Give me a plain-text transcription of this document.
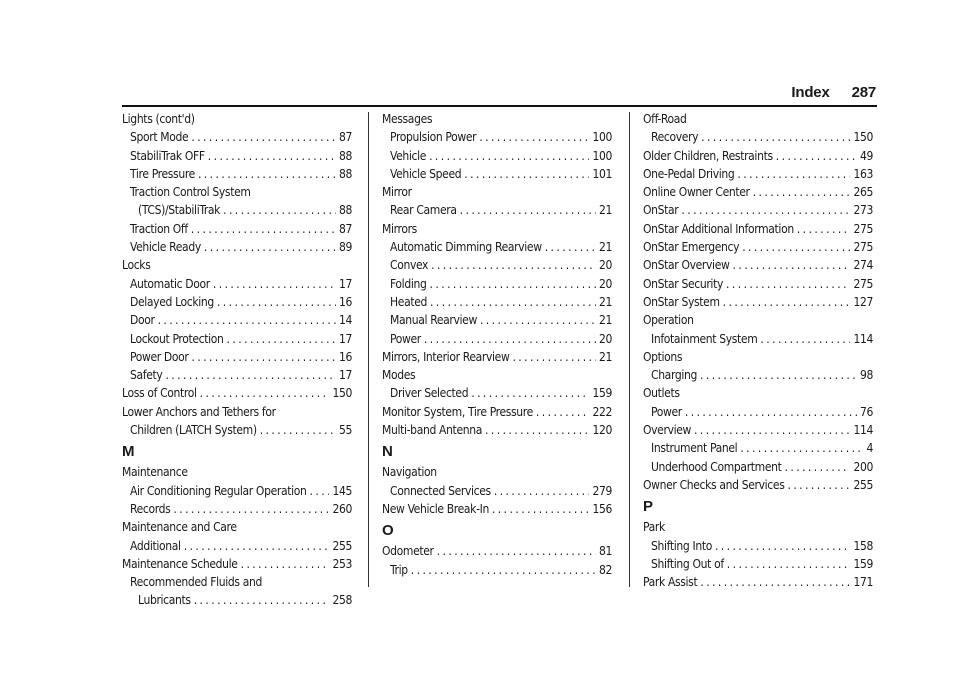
Index 287
Lights (cont'd)
Sport Mode . . .	87
StabiliTrak OFF . . .	88
Tire Pressure . . .	88
Traction Control System
(TCS)/StabiliTrak . . .	88
Traction Off . . .	87
Vehicle Ready . . .	89
Locks
Automatic Door . . .	17
Delayed Locking . . .	16
Door . . .	14
Lockout Protection . . .	17
Power Door . . .	16
Safety . . .	17
Loss of Control . . .	150
Lower Anchors and Tethers for
Children (LATCH System) . . .	55
M
Maintenance
Air Conditioning Regular Operation . . . 145
Records . . .	260
Maintenance and Care
Additional . . .	255
Maintenance Schedule . . .	253
Recommended Fluids and
Lubricants . . .	258
Messages
Propulsion Power . . .	100
Vehicle . . .	100
Vehicle Speed . . .	101
Mirror
Rear Camera . . .	21
Mirrors
Automatic Dimming Rearview . . .	21
Convex . . .	20
Folding . . .	20
Heated . . .	21
Manual Rearview . . .	21
Power . . .	20
Mirrors, Interior Rearview . . .	21
Modes
Driver Selected . . .	159
Monitor System, Tire Pressure . . .	222
Multi-band Antenna . . .	120
N
Navigation
Connected Services . . .	279
New Vehicle Break-In . . .	156
O
Odometer . . .	81
Trip . . .	82
Off-Road
Recovery . . .	150
Older Children, Restraints . . .	49
One-Pedal Driving . . .	163
Online Owner Center . . .	265
OnStar . . .	273
OnStar Additional Information . . .	275
OnStar Emergency . . .	275
OnStar Overview . . .	274
OnStar Security . . .	275
OnStar System . . .	127
Operation
Infotainment System . . .	114
Options
Charging . . .	98
Outlets
Power . . .	76
Overview . . .	114
Instrument Panel . . .	4
Underhood Compartment . . .	200
Owner Checks and Services . . .	255
P
Park
Shifting Into . . .	158
Shifting Out of . . .	159
Park Assist . . .	171
